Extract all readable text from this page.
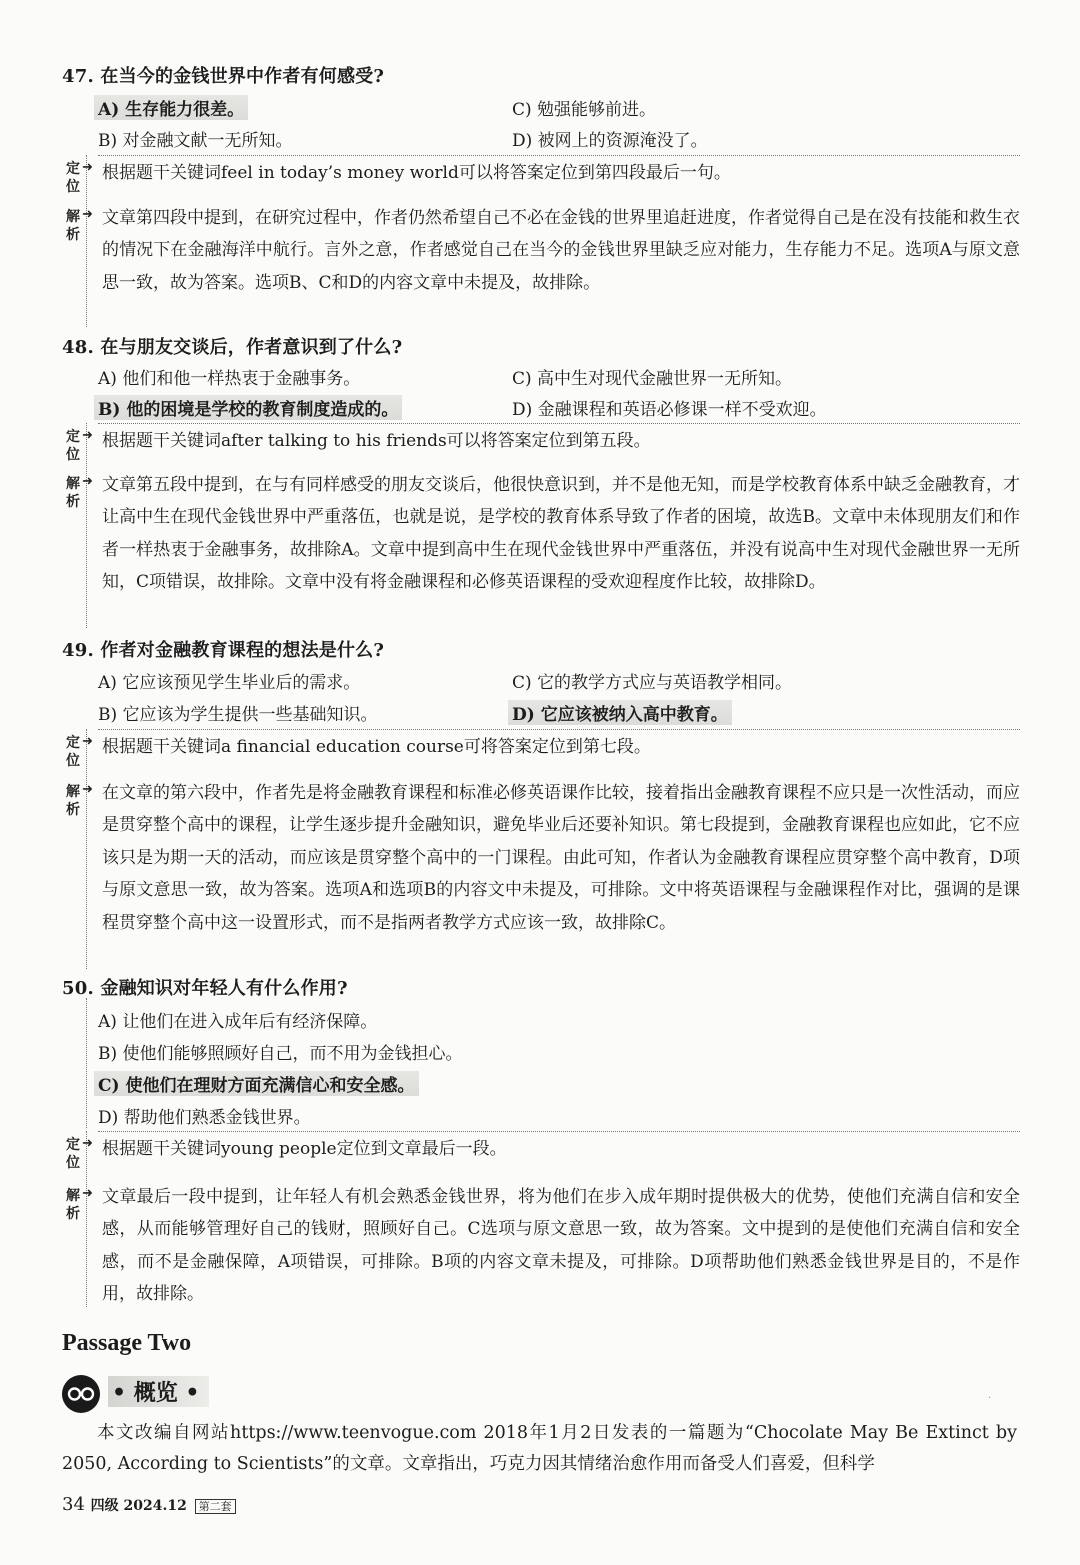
47. 在当今的金钱世界中作者有何感受?
A) 生存能力很差。	C) 勉强能够前进。
B) 对金融文献一无所知。	D) 被网上的资源淹没了。
定位
➜ 根据题干关键词feel in today’s money world可以将答案定位到第四段最后一句。
解析
➜ 文章第四段中提到，在研究过程中，作者仍然希望自己不必在金钱的世界里追赶进度，作者觉得自己是在没有技能和救生衣的情况下在金融海洋中航行。言外之意，作者感觉自己在当今的金钱世界里缺乏应对能力，生存能力不足。选项A与原文意思一致，故为答案。选项B、C和D的内容文章中未提及，故排除。
48. 在与朋友交谈后，作者意识到了什么?
A) 他们和他一样热衷于金融事务。	C) 高中生对现代金融世界一无所知。
B) 他的困境是学校的教育制度造成的。	D) 金融课程和英语必修课一样不受欢迎。
定位
➜ 根据题干关键词after talking to his friends可以将答案定位到第五段。
解析
➜ 文章第五段中提到，在与有同样感受的朋友交谈后，他很快意识到，并不是他无知，而是学校教育体系中缺乏金融教育，才让高中生在现代金钱世界中严重落伍，也就是说，是学校的教育体系导致了作者的困境，故选B。文章中未体现朋友们和作者一样热衷于金融事务，故排除A。文章中提到高中生在现代金钱世界中严重落伍，并没有说高中生对现代金融世界一无所知，C项错误，故排除。文章中没有将金融课程和必修英语课程的受欢迎程度作比较，故排除D。
49. 作者对金融教育课程的想法是什么?
A) 它应该预见学生毕业后的需求。	C) 它的教学方式应与英语教学相同。
B) 它应该为学生提供一些基础知识。	D) 它应该被纳入高中教育。
定位
➜ 根据题干关键词a financial education course可将答案定位到第七段。
解析
➜ 在文章的第六段中，作者先是将金融教育课程和标准必修英语课作比较，接着指出金融教育课程不应只是一次性活动，而应是贯穿整个高中的课程，让学生逐步提升金融知识，避免毕业后还要补知识。第七段提到，金融教育课程也应如此，它不应该只是为期一天的活动，而应该是贯穿整个高中的一门课程。由此可知，作者认为金融教育课程应贯穿整个高中教育，D项与原文意思一致，故为答案。选项A和选项B的内容文中未提及，可排除。文中将英语课程与金融课程作对比，强调的是课程贯穿整个高中这一设置形式，而不是指两者教学方式应该一致，故排除C。
50. 金融知识对年轻人有什么作用?
A) 让他们在进入成年后有经济保障。
B) 使他们能够照顾好自己，而不用为金钱担心。
C) 使他们在理财方面充满信心和安全感。
D) 帮助他们熟悉金钱世界。
定位
➜ 根据题干关键词young people定位到文章最后一段。
解析
➜ 文章最后一段中提到，让年轻人有机会熟悉金钱世界，将为他们在步入成年期时提供极大的优势，使他们充满自信和安全感，从而能够管理好自己的钱财，照顾好自己。C选项与原文意思一致，故为答案。文中提到的是使他们充满自信和安全感，而不是金融保障，A项错误，可排除。B项的内容文章未提及，可排除。D项帮助他们熟悉金钱世界是目的，不是作用，故排除。
Passage Two
• 概览 •	·
本文改编自网站https://www.teenvogue.com 2018年1月2日发表的一篇题为“Chocolate May Be Extinct by 2050, According to Scientists”的文章。文章指出，巧克力因其情绪治愈作用而备受人们喜爱，但科学
34 四级 2024.12 第二套
